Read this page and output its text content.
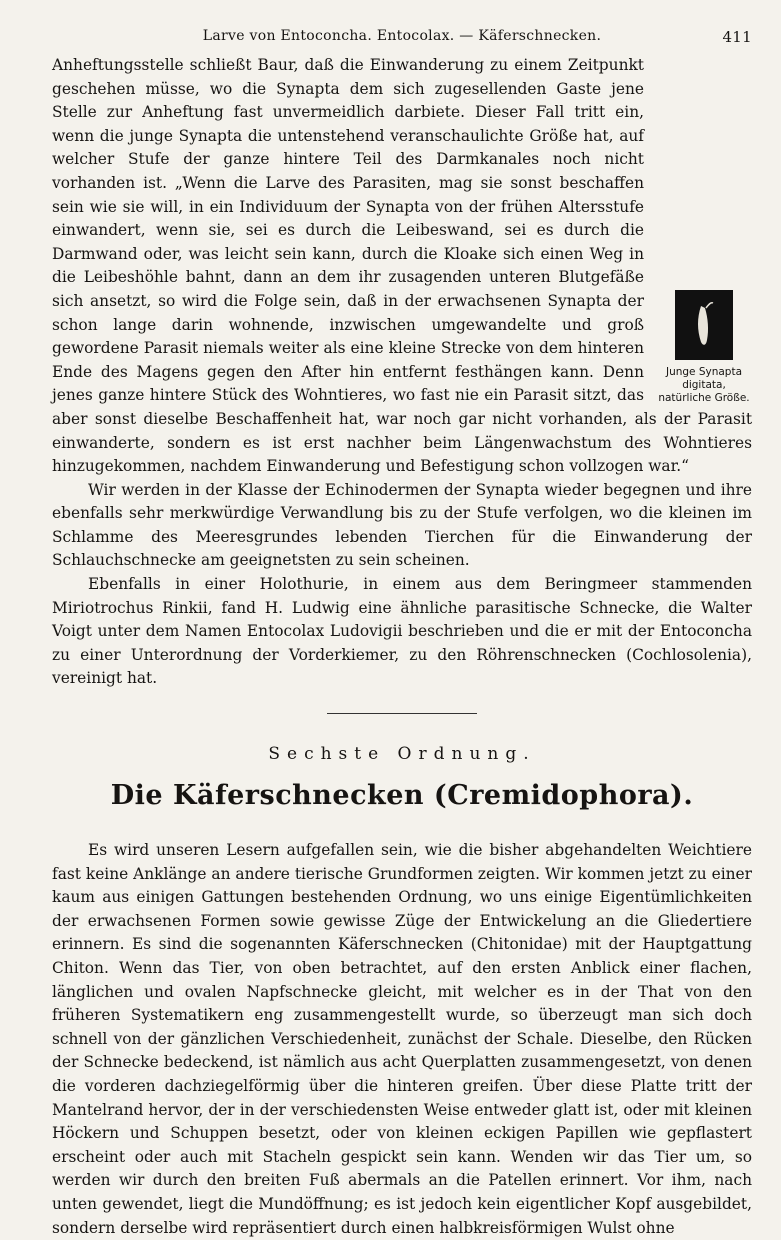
Larve von Entoconcha. Entocolax. — Käferschnecken.	411

Junge Synapta digitata, natürliche Größe.
Anheftungsstelle schließt Baur, daß die Einwanderung zu einem Zeitpunkt geschehen müsse, wo die Synapta dem sich zugesellenden Gaste jene Stelle zur Anheftung fast unvermeidlich darbiete. Dieser Fall tritt ein, wenn die junge Synapta die untenstehend veranschaulichte Größe hat, auf welcher Stufe der ganze hintere Teil des Darmkanales noch nicht vorhanden ist. „Wenn die Larve des Parasiten, mag sie sonst beschaffen sein wie sie will, in ein Individuum der Synapta von der frühen Altersstufe einwandert, wenn sie, sei es durch die Leibeswand, sei es durch die Darmwand oder, was leicht sein kann, durch die Kloake sich einen Weg in die Leibeshöhle bahnt, dann an dem ihr zusagenden unteren Blutgefäße sich ansetzt, so wird die Folge sein, daß in der erwachsenen Synapta der schon lange darin wohnende, inzwischen umgewandelte und groß gewordene Parasit niemals weiter als eine kleine Strecke von dem hinteren Ende des Magens gegen den After hin entfernt festhängen kann. Denn jenes ganze hintere Stück des Wohntieres, wo fast nie ein Parasit sitzt, das aber sonst dieselbe Beschaffenheit hat, war noch gar nicht vorhanden, als der Parasit einwanderte, sondern es ist erst nachher beim Längenwachstum des Wohntieres hinzugekommen, nachdem Einwanderung und Befestigung schon vollzogen war.“

Wir werden in der Klasse der Echinodermen der Synapta wieder begegnen und ihre ebenfalls sehr merkwürdige Verwandlung bis zu der Stufe verfolgen, wo die kleinen im Schlamme des Meeresgrundes lebenden Tierchen für die Einwanderung der Schlauchschnecke am geeignetsten zu sein scheinen.

Ebenfalls in einer Holothurie, in einem aus dem Beringmeer stammenden Miriotrochus Rinkii, fand H. Ludwig eine ähnliche parasitische Schnecke, die Walter Voigt unter dem Namen Entocolax Ludovigii beschrieben und die er mit der Entoconcha zu einer Unterordnung der Vorderkiemer, zu den Röhrenschnecken (Cochlosolenia), vereinigt hat.

Sechste Ordnung.
Die Käferschnecken (Cremidophora).

Es wird unseren Lesern aufgefallen sein, wie die bisher abgehandelten Weichtiere fast keine Anklänge an andere tierische Grundformen zeigten. Wir kommen jetzt zu einer kaum aus einigen Gattungen bestehenden Ordnung, wo uns einige Eigentümlichkeiten der erwachsenen Formen sowie gewisse Züge der Entwickelung an die Gliedertiere erinnern. Es sind die sogenannten Käferschnecken (Chitonidae) mit der Hauptgattung Chiton. Wenn das Tier, von oben betrachtet, auf den ersten Anblick einer flachen, länglichen und ovalen Napfschnecke gleicht, mit welcher es in der That von den früheren Systematikern eng zusammengestellt wurde, so überzeugt man sich doch schnell von der gänzlichen Verschiedenheit, zunächst der Schale. Dieselbe, den Rücken der Schnecke bedeckend, ist nämlich aus acht Querplatten zusammengesetzt, von denen die vorderen dachziegelförmig über die hinteren greifen. Über diese Platte tritt der Mantelrand hervor, der in der verschiedensten Weise entweder glatt ist, oder mit kleinen Höckern und Schuppen besetzt, oder von kleinen eckigen Papillen wie gepflastert erscheint oder auch mit Stacheln gespickt sein kann. Wenden wir das Tier um, so werden wir durch den breiten Fuß abermals an die Patellen erinnert. Vor ihm, nach unten gewendet, liegt die Mundöffnung; es ist jedoch kein eigentlicher Kopf ausgebildet, sondern derselbe wird repräsentiert durch einen halbkreisförmigen Wulst ohne
